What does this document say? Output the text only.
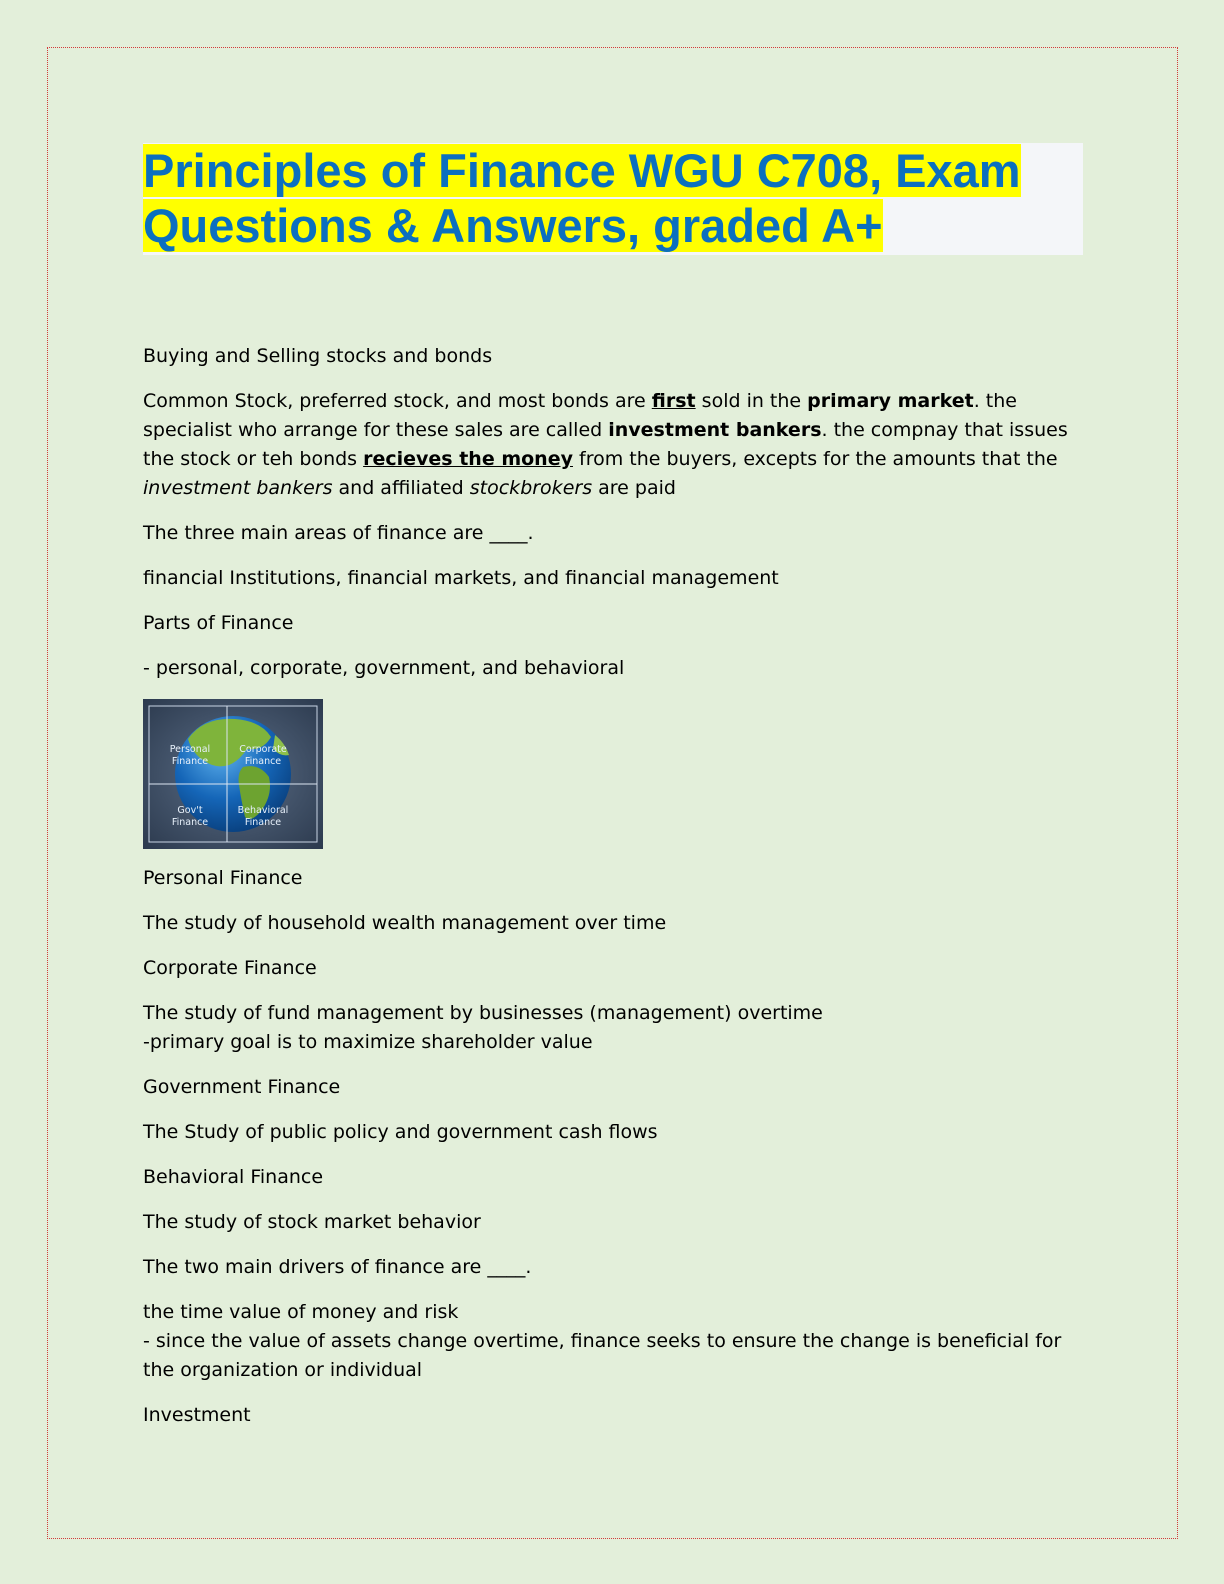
Principles of Finance WGU C708, Exam
Questions & Answers, graded A+

Buying and Selling stocks and bonds

Common Stock, preferred stock, and most bonds are first sold in the primary market. the specialist who arrange for these sales are called investment bankers. the compnay that issues the stock or teh bonds recieves the money from the buyers, excepts for the amounts that the investment bankers and affiliated stockbrokers are paid

The three main areas of finance are ____.

financial Institutions, financial markets, and financial management

Parts of Finance

- personal, corporate, government, and behavioral

Personal
Finance
Corporate
Finance
Gov't
Finance
Behavioral
Finance

Personal Finance

The study of household wealth management over time

Corporate Finance

The study of fund management by businesses (management) overtime
-primary goal is to maximize shareholder value

Government Finance

The Study of public policy and government cash flows

Behavioral Finance

The study of stock market behavior

The two main drivers of finance are ____.

the time value of money and risk
- since the value of assets change overtime, finance seeks to ensure the change is beneficial for the organization or individual

Investment
